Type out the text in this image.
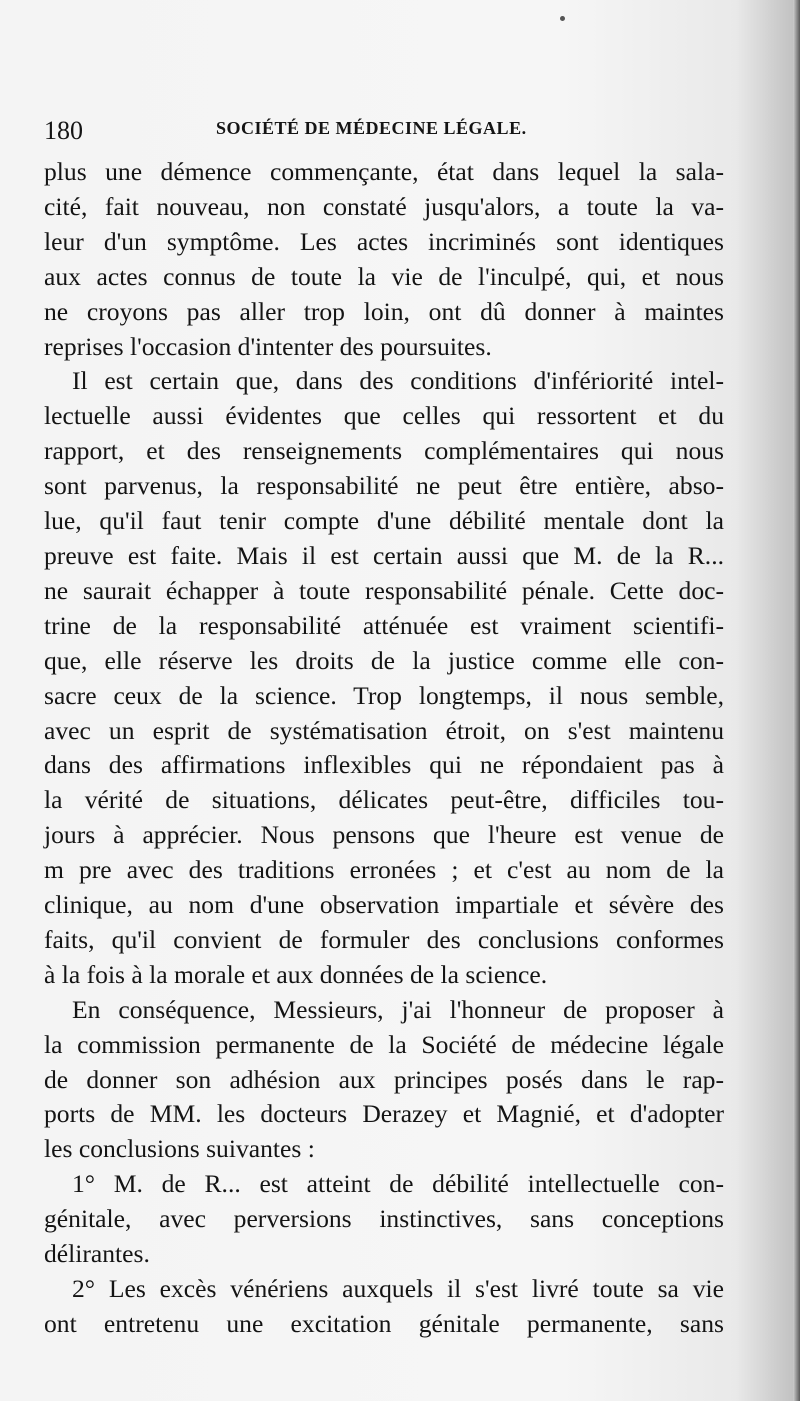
180	SOCIÉTÉ DE MÉDECINE LÉGALE.
plus une démence commençante, état dans lequel la sala-
cité, fait nouveau, non constaté jusqu'alors, a toute la va-
leur d'un symptôme. Les actes incriminés sont identiques
aux actes connus de toute la vie de l'inculpé, qui, et nous
ne croyons pas aller trop loin, ont dû donner à maintes
reprises l'occasion d'intenter des poursuites.
Il est certain que, dans des conditions d'infériorité intel-
lectuelle aussi évidentes que celles qui ressortent et du
rapport, et des renseignements complémentaires qui nous
sont parvenus, la responsabilité ne peut être entière, abso-
lue, qu'il faut tenir compte d'une débilité mentale dont la
preuve est faite. Mais il est certain aussi que M. de la R...
ne saurait échapper à toute responsabilité pénale. Cette doc-
trine de la responsabilité atténuée est vraiment scientifi-
que, elle réserve les droits de la justice comme elle con-
sacre ceux de la science. Trop longtemps, il nous semble,
avec un esprit de systématisation étroit, on s'est maintenu
dans des affirmations inflexibles qui ne répondaient pas à
la vérité de situations, délicates peut-être, difficiles tou-
jours à apprécier. Nous pensons que l'heure est venue de
m pre avec des traditions erronées ; et c'est au nom de la
clinique, au nom d'une observation impartiale et sévère des
faits, qu'il convient de formuler des conclusions conformes
à la fois à la morale et aux données de la science.
En conséquence, Messieurs, j'ai l'honneur de proposer à
la commission permanente de la Société de médecine légale
de donner son adhésion aux principes posés dans le rap-
ports de MM. les docteurs Derazey et Magnié, et d'adopter
les conclusions suivantes :
1° M. de R... est atteint de débilité intellectuelle con-
génitale, avec perversions instinctives, sans conceptions
délirantes.
2° Les excès vénériens auxquels il s'est livré toute sa vie
ont entretenu une excitation génitale permanente, sans
